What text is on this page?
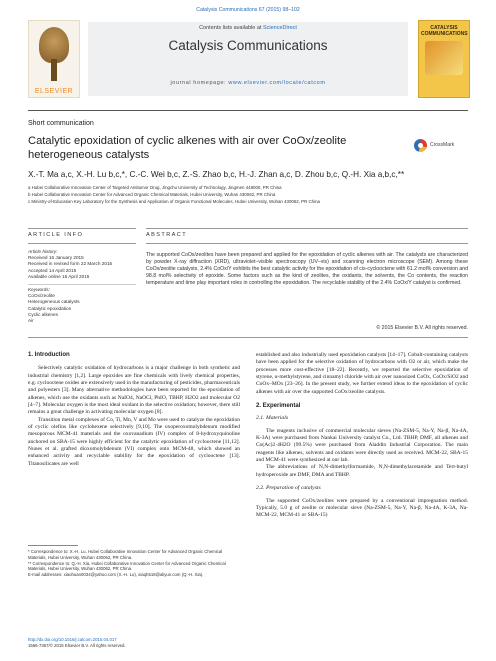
Catalysis Communications 67 (2015) 98–102
ELSEVIER
Contents lists available at ScienceDirect
Catalysis Communications
journal homepage: www.elsevier.com/locate/catcom
CATALYSIS COMMUNICATIONS
Short communication
Catalytic epoxidation of cyclic alkenes with air over CoOx/zeolite heterogeneous catalysts
CrossMark
X.-T. Ma a,c, X.-H. Lu b,c,*, C.-C. Wei b,c, Z.-S. Zhao b,c, H.-J. Zhan a,c, D. Zhou b,c, Q.-H. Xia a,b,c,**
a Hubei Collaborative Innovation Center of Targeted Antitumor Drug, Jingchu University of Technology, Jingmen 448000, PR China
b Hubei Collaborative Innovation Center for Advanced Organic Chemical Materials, Hubei University, Wuhan 430062, PR China
c Ministry-of-Education Key Laboratory for the Synthesis and Application of Organic Functional Molecules, Hubei University, Wuhan 430062, PR China
ARTICLE INFO	ABSTRACT
Article history:
Received 16 January 2015
Received in revised form 22 March 2015
Accepted 14 April 2015
Available online 16 April 2015
Keywords:
CoOx/zeolite
Heterogeneous catalysts
Catalytic epoxidation
Cyclic alkenes
Air
The supported CoOx/zeolites have been prepared and applied for the epoxidation of cyclic alkenes with air. The catalysts are characterized by powder X-ray diffraction (XRD), ultraviolet–visible spectroscopy (UV–vis) and scanning electron microscope (SEM). Among these CoOx/zeolite catalysts, 2.4% CoOx/Y exhibits the best catalytic activity for the epoxidation of cis-cyclooctene with 61.2 mol% conversion and 98.8 mol% selectivity of epoxide. Some factors such as the kind of zeolites, the oxidants, the solvents, the Co contents, the reaction temperature and time play important roles in controlling the epoxidation. The recyclable stability of the 2.4% CoOx/Y catalyst is confirmed.
© 2015 Elsevier B.V. All rights reserved.
1. Introduction

Selectively catalytic oxidation of hydrocarbons is a major challenge in both synthetic and industrial chemistry [1,2]. Large epoxides are fine chemicals with lively chemical properties, e.g. cyclooctene oxides are extensively used in the manufacturing of pesticides, pharmaceuticals and polyesters [3]. Many alternative methodologies have been reported for the epoxidation of alkenes, which use the oxidants such as NaIO4, NaOCl, PhIO, TBHP, H2O2 and molecular O2 [4–7]. Molecular oxygen is the most ideal oxidant in the selective oxidation; however, there still remains a great challenge in activating molecular oxygen [8].

Transition metal complexes of Co, Ti, Mn, V and Mo were used to catalyze the epoxidation of cyclic olefins like cyclohexene selectively [9,10]. The oxoperoxomolybdenum modified mesoporous MCM-41 materials and the oxovanadium (IV) complex of 8-hydroxyquinoline anchored on SBA-15 were highly efficient for the catalytic epoxidation of cyclooctene [11,12]. Nunes et al. grafted dioxomolybdenum (VI) complex onto MCM-48, which showed an enhanced activity and recyclable stability for the epoxidation of cyclooctene [13]. Titanosilicates are well

* Correspondence to: X.-H. Lu, Hubei Collaborative Innovation Center for Advanced Organic Chemical Materials, Hubei University, Wuhan 430062, PR China.
** Correspondence to: Q.-H. Xia, Hubei Collaborative Innovation Center for Advanced Organic Chemical Materials, Hubei University, Wuhan 430062, PR China.
E-mail addresses: xiaohuan0034@yahoo.com (X.-H. Lu), xiaqh518@aliyun.com (Q.-H. Xia).
http://dx.doi.org/10.1016/j.catcom.2015.04.017
1566-7367/© 2015 Elsevier B.V. All rights reserved.

established and also industrially used epoxidation catalysts [14–17]. Cobalt-containing catalysts have been applied for the selective oxidation of hydrocarbons with O2 or air, which make the processes more cost-effective [18–22]. Recently, we reported the selective epoxidation of styrene, α-methylstyrene, and cinnamyl chloride with air over nanosized CoOx, CoOx/SiO2 and CoOx–MOx [23–26]. In the present study, we further extend ideas to the epoxidation of cyclic alkenes with air over the supported CoOx/zeolite catalysts.

2. Experimental
2.1. Materials

The reagents inclusive of commercial molecular sieves (Na-ZSM-5, Na-Y, Na-β, Na-4A, K-3A) were purchased from Nankai University catalyst Co., Ltd. TBHP, DMF, all alkenes and Co(Ac)2·4H2O (99.5%) were purchased from Aladdin Industrial Corporation. The main reagents like alkenes, solvents and oxidants were directly used as received. MCM-22, SBA-15 and MCM-41 were synthesized at our lab.

The abbreviations of N,N-dimethylformamide, N,N-dimethylacetamide and Tert-butyl hydroperoxide are DMF, DMA and TBHP.

2.2. Preparation of catalysts

The supported CoOx/zeolites were prepared by a conventional impregnation method. Typically, 5.0 g of zeolite or molecular sieve (Na-ZSM-5, Na-Y, Na-β, Na-4A, K-3A, Na-MCM-22, MCM-41 or SBA-15)
